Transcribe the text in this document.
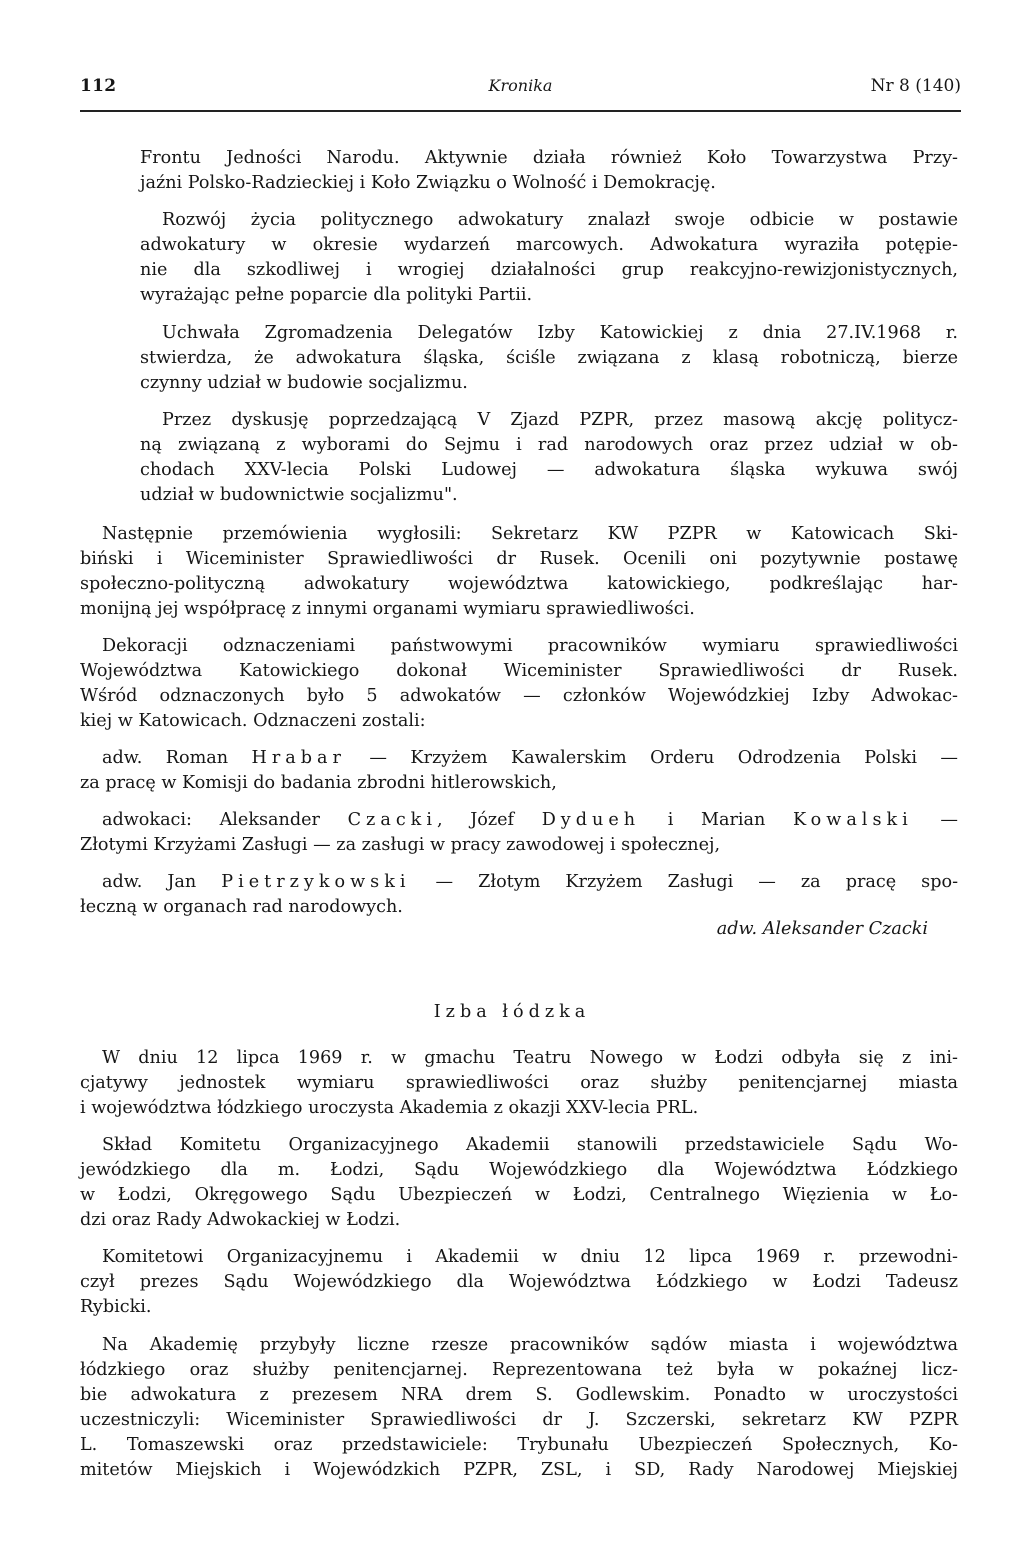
112	Kronika	Nr 8 (140)

Frontu Jedności Narodu. Aktywnie działa również Koło Towarzystwa Przy-

jaźni Polsko-Radzieckiej i Koło Związku o Wolność i Demokrację.

Rozwój życia politycznego adwokatury znalazł swoje odbicie w postawie

adwokatury w okresie wydarzeń marcowych. Adwokatura wyraziła potępie-

nie dla szkodliwej i wrogiej działalności grup reakcyjno-rewizjonistycznych,

wyrażając pełne poparcie dla polityki Partii.

Uchwała Zgromadzenia Delegatów Izby Katowickiej z dnia 27.IV.1968 r.

stwierdza, że adwokatura śląska, ściśle związana z klasą robotniczą, bierze

czynny udział w budowie socjalizmu.

Przez dyskusję poprzedzającą V Zjazd PZPR, przez masową akcję politycz-

ną związaną z wyborami do Sejmu i rad narodowych oraz przez udział w ob-

chodach XXV-lecia Polski Ludowej — adwokatura śląska wykuwa swój

udział w budownictwie socjalizmu".

Następnie przemówienia wygłosili: Sekretarz KW PZPR w Katowicach Ski-

biński i Wiceminister Sprawiedliwości dr Rusek. Ocenili oni pozytywnie postawę

społeczno-polityczną adwokatury województwa katowickiego, podkreślając har-

monijną jej współpracę z innymi organami wymiaru sprawiedliwości.

Dekoracji odznaczeniami państwowymi pracowników wymiaru sprawiedliwości

Województwa Katowickiego dokonał Wiceminister Sprawiedliwości dr Rusek.

Wśród odznaczonych było 5 adwokatów — członków Wojewódzkiej Izby Adwokac-

kiej w Katowicach. Odznaczeni zostali:

adw. Roman Hrabar — Krzyżem Kawalerskim Orderu Odrodzenia Polski —

za pracę w Komisji do badania zbrodni hitlerowskich,

adwokaci: Aleksander Czacki, Józef Dydueh i Marian Kowalski —

Złotymi Krzyżami Zasługi — za zasługi w pracy zawodowej i społecznej,

adw. Jan Pietrzykowski — Złotym Krzyżem Zasługi — za pracę spo-

łeczną w organach rad narodowych.

adw. Aleksander Czacki

Izba łódzka

W dniu 12 lipca 1969 r. w gmachu Teatru Nowego w Łodzi odbyła się z ini-

cjatywy jednostek wymiaru sprawiedliwości oraz służby penitencjarnej miasta

i województwa łódzkiego uroczysta Akademia z okazji XXV-lecia PRL.

Skład Komitetu Organizacyjnego Akademii stanowili przedstawiciele Sądu Wo-

jewódzkiego dla m. Łodzi, Sądu Wojewódzkiego dla Województwa Łódzkiego

w Łodzi, Okręgowego Sądu Ubezpieczeń w Łodzi, Centralnego Więzienia w Ło-

dzi oraz Rady Adwokackiej w Łodzi.

Komitetowi Organizacyjnemu i Akademii w dniu 12 lipca 1969 r. przewodni-

czył prezes Sądu Wojewódzkiego dla Województwa Łódzkiego w Łodzi Tadeusz

Rybicki.

Na Akademię przybyły liczne rzesze pracowników sądów miasta i województwa

łódzkiego oraz służby penitencjarnej. Reprezentowana też była w pokaźnej licz-

bie adwokatura z prezesem NRA drem S. Godlewskim. Ponadto w uroczystości

uczestniczyli: Wiceminister Sprawiedliwości dr J. Szczerski, sekretarz KW PZPR

L. Tomaszewski oraz przedstawiciele: Trybunału Ubezpieczeń Społecznych, Ko-

mitetów Miejskich i Wojewódzkich PZPR, ZSL, i SD, Rady Narodowej Miejskiej
